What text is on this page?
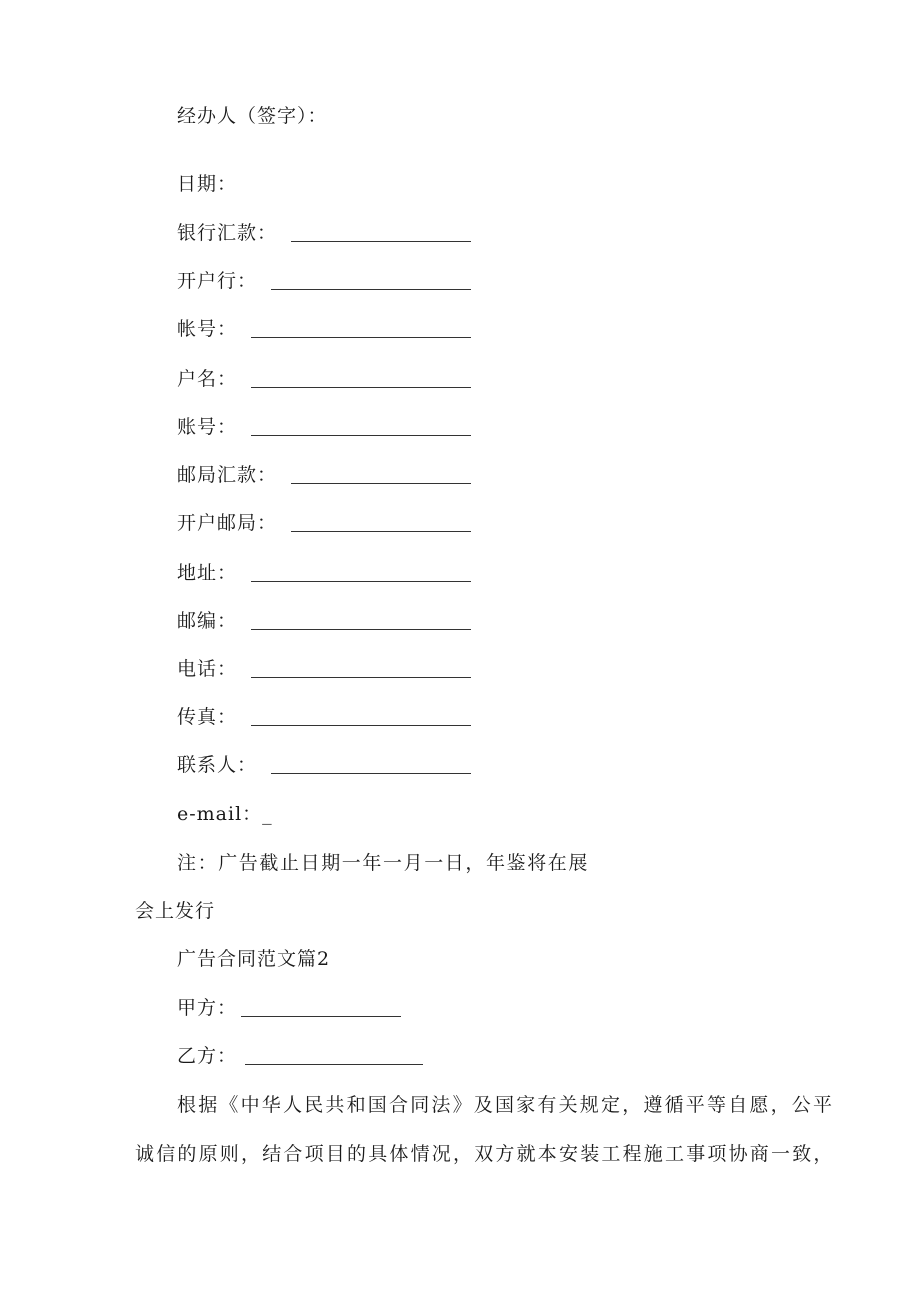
经办人（签字）：
日期：
银行汇款：
开户行：
帐号：
户名：
账号：
邮局汇款：
开户邮局：
地址：
邮编：
电话：
传真：
联系人：
e-mail：_
注：广告截止日期一年一月一日，年鉴将在展
会上发行
广告合同范文篇2
甲方：
乙方：
根据《中华人民共和国合同法》及国家有关规定，遵循平等自愿，公平
诚信的原则，结合项目的具体情况，双方就本安装工程施工事项协商一致，
